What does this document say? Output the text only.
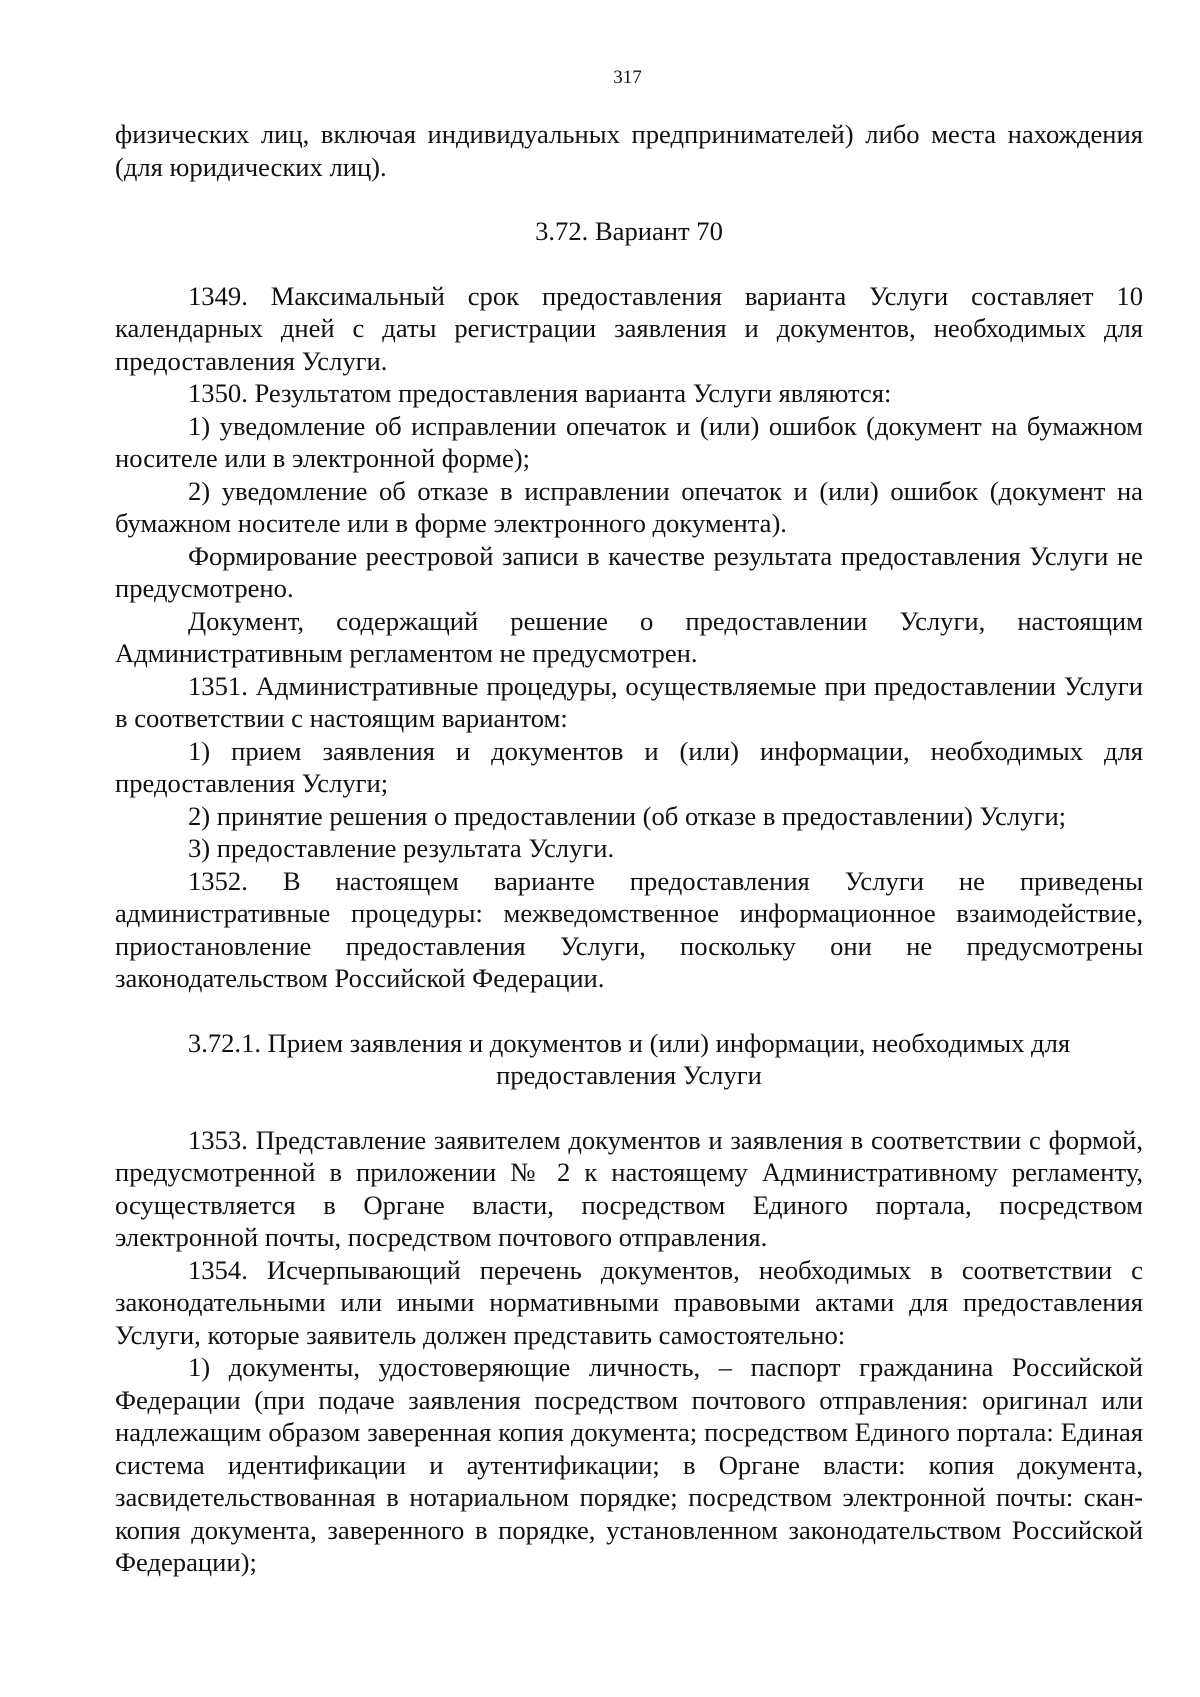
317

физических лиц, включая индивидуальных предпринимателей) либо места нахождения (для юридических лиц).

3.72. Вариант 70

1349. Максимальный срок предоставления варианта Услуги составляет 10 календарных дней с даты регистрации заявления и документов, необходимых для предоставления Услуги.

1350. Результатом предоставления варианта Услуги являются:

1) уведомление об исправлении опечаток и (или) ошибок (документ на бумажном носителе или в электронной форме);

2) уведомление об отказе в исправлении опечаток и (или) ошибок (документ на бумажном носителе или в форме электронного документа).

Формирование реестровой записи в качестве результата предоставления Услуги не предусмотрено.

Документ, содержащий решение о предоставлении Услуги, настоящим Административным регламентом не предусмотрен.

1351. Административные процедуры, осуществляемые при предоставлении Услуги в соответствии с настоящим вариантом:

1) прием заявления и документов и (или) информации, необходимых для предоставления Услуги;

2) принятие решения о предоставлении (об отказе в предоставлении) Услуги;

3) предоставление результата Услуги.

1352. В настоящем варианте предоставления Услуги не приведены административные процедуры: межведомственное информационное взаимодействие, приостановление предоставления Услуги, поскольку они не предусмотрены законодательством Российской Федерации.

3.72.1. Прием заявления и документов и (или) информации, необходимых для
предоставления Услуги

1353. Представление заявителем документов и заявления в соответствии с формой, предусмотренной в приложении № 2 к настоящему Административному регламенту, осуществляется в Органе власти, посредством Единого портала, посредством электронной почты, посредством почтового отправления.

1354. Исчерпывающий перечень документов, необходимых в соответствии с законодательными или иными нормативными правовыми актами для предоставления Услуги, которые заявитель должен представить самостоятельно:

1) документы, удостоверяющие личность, – паспорт гражданина Российской Федерации (при подаче заявления посредством почтового отправления: оригинал или надлежащим образом заверенная копия документа; посредством Единого портала: Единая система идентификации и аутентификации; в Органе власти: копия документа, засвидетельствованная в нотариальном порядке; посредством электронной почты: скан-копия документа, заверенного в порядке, установленном законодательством Российской Федерации);
